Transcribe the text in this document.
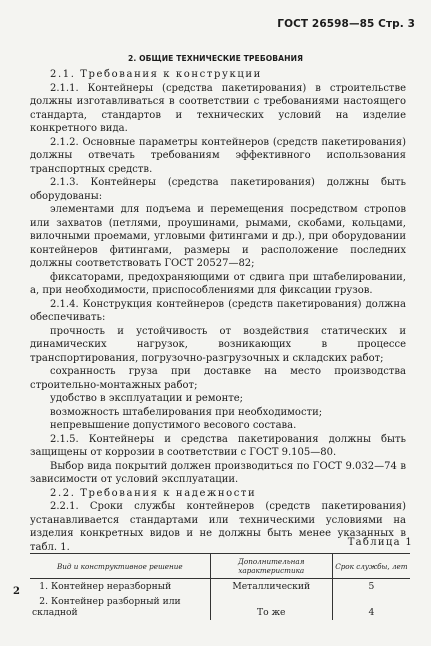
ГОСТ 26598—85 Стр. 3
2. ОБЩИЕ ТЕХНИЧЕСКИЕ ТРЕБОВАНИЯ

2.1. Требования к конструкции

2.1.1. Контейнеры (средства пакетирования) в строительстве должны изготавливаться в соответствии с требованиями настоящего стандарта, стандартов и технических условий на изделие конкретного вида.

2.1.2. Основные параметры контейнеров (средств пакетирования) должны отвечать требованиям эффективного использования транспортных средств.

2.1.3. Контейнеры (средства пакетирования) должны быть оборудованы:

элементами для подъема и перемещения посредством стропов или захватов (петлями, проушинами, рымами, скобами, кольцами, вилочными проемами, угловыми фитингами и др.), при оборудовании контейнеров фитингами, размеры и расположение последних должны соответствовать ГОСТ 20527—82;

фиксаторами, предохраняющими от сдвига при штабелировании, а, при необходимости, приспособлениями для фиксации грузов.

2.1.4. Конструкция контейнеров (средств пакетирования) должна обеспечивать:

прочность и устойчивость от воздействия статических и динамических нагрузок, возникающих в процессе транспортирования, погрузочно-разгрузочных и складских работ;

сохранность груза при доставке на место производства строительно-монтажных работ;

удобство в эксплуатации и ремонте;

возможность штабелирования при необходимости;

непревышение допустимого весового состава.

2.1.5. Контейнеры и средства пакетирования должны быть защищены от коррозии в соответствии с ГОСТ 9.105—80.

Выбор вида покрытий должен производиться по ГОСТ 9.032—74 в зависимости от условий эксплуатации.

2.2. Требования к надежности

2.2.1. Сроки службы контейнеров (средств пакетирования) устанавливается стандартами или техническими условиями на изделия конкретных видов и не должны быть менее указанных в табл. 1.	Таблица 1
Вид и конструктивное решение	Дополнительная характеристика	Срок службы, лет
1. Контейнер неразборный	Металлический	5
2. Контейнер разборный или складной	То же	4
2
